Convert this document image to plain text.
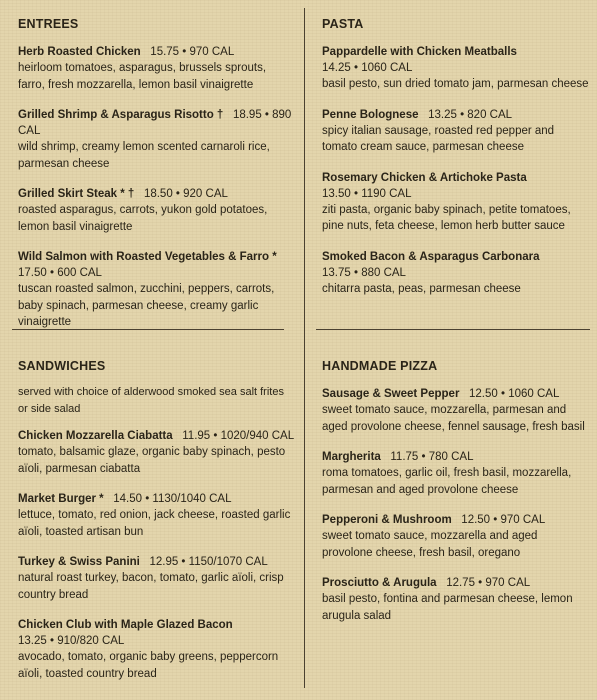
ENTREES
Herb Roasted Chicken 15.75 • 970 CAL
heirloom tomatoes, asparagus, brussels sprouts, farro, fresh mozzarella, lemon basil vinaigrette
Grilled Shrimp & Asparagus Risotto † 18.95 • 890 CAL
wild shrimp, creamy lemon scented carnaroli rice, parmesan cheese
Grilled Skirt Steak * † 18.50 • 920 CAL
roasted asparagus, carrots, yukon gold potatoes, lemon basil vinaigrette
Wild Salmon with Roasted Vegetables & Farro *
17.50 • 600 CAL
tuscan roasted salmon, zucchini, peppers, carrots, baby spinach, parmesan cheese, creamy garlic vinaigrette
PASTA
Pappardelle with Chicken Meatballs
14.25 • 1060 CAL
basil pesto, sun dried tomato jam, parmesan cheese
Penne Bolognese 13.25 • 820 CAL
spicy italian sausage, roasted red pepper and tomato cream sauce, parmesan cheese
Rosemary Chicken & Artichoke Pasta
13.50 • 1190 CAL
ziti pasta, organic baby spinach, petite tomatoes, pine nuts, feta cheese, lemon herb butter sauce
Smoked Bacon & Asparagus Carbonara
13.75 • 880 CAL
chitarra pasta, peas, parmesan cheese
SANDWICHES
served with choice of alderwood smoked sea salt frites or side salad
Chicken Mozzarella Ciabatta 11.95 • 1020/940 CAL
tomato, balsamic glaze, organic baby spinach, pesto aïoli, parmesan ciabatta
Market Burger * 14.50 • 1130/1040 CAL
lettuce, tomato, red onion, jack cheese, roasted garlic aïoli, toasted artisan bun
Turkey & Swiss Panini 12.95 • 1150/1070 CAL
natural roast turkey, bacon, tomato, garlic aïoli, crisp country bread
Chicken Club with Maple Glazed Bacon
13.25 • 910/820 CAL
avocado, tomato, organic baby greens, peppercorn aïoli, toasted country bread
HANDMADE PIZZA
Sausage & Sweet Pepper 12.50 • 1060 CAL
sweet tomato sauce, mozzarella, parmesan and aged provolone cheese, fennel sausage, fresh basil
Margherita 11.75 • 780 CAL
roma tomatoes, garlic oil, fresh basil, mozzarella, parmesan and aged provolone cheese
Pepperoni & Mushroom 12.50 • 970 CAL
sweet tomato sauce, mozzarella and aged provolone cheese, fresh basil, oregano
Prosciutto & Arugula 12.75 • 970 CAL
basil pesto, fontina and parmesan cheese, lemon arugula salad
